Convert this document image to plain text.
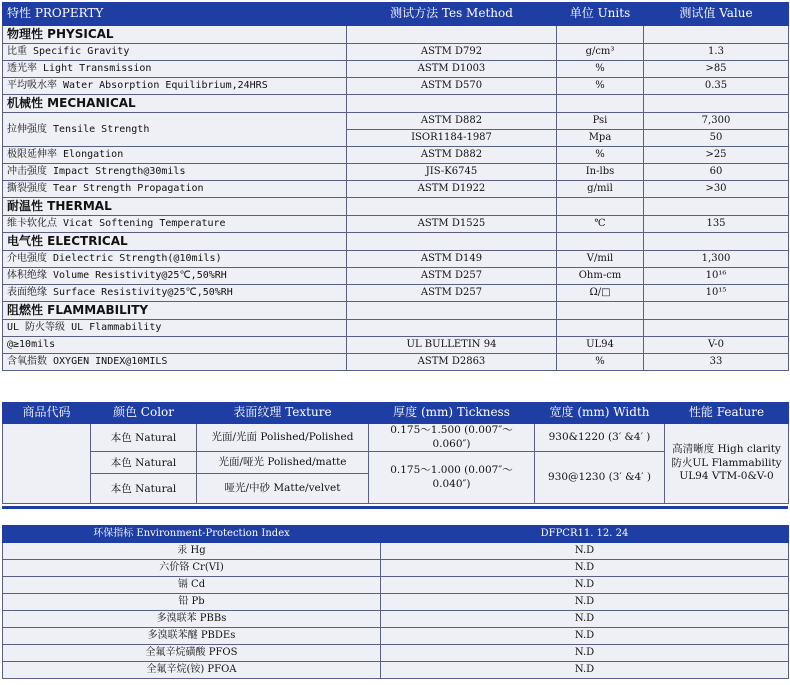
特性 PROPERTY	测试方法 Tes Method	单位 Units	测试值 Value
物理性 PHYSICAL			
比重 Specific Gravity	ASTM D792	g/cm³	1.3
透光率 Light Transmission	ASTM D1003	%	>85
平均吸水率 Water Absorption Equilibrium,24HRS	ASTM D570	%	0.35
机械性 MECHANICAL			
拉伸强度 Tensile Strength	ASTM D882	Psi	7,300
	ISOR1184-1987	Mpa	50
极限延伸率 Elongation	ASTM D882	%	>25
冲击强度 Impact Strength@30mils	JIS-K6745	In-lbs	60
撕裂强度 Tear Strength Propagation	ASTM D1922	g/mil	>30
耐温性 THERMAL			
维卡软化点 Vicat Softening Temperature	ASTM D1525	℃	135
电气性 ELECTRICAL			
介电强度 Dielectric Strength(@10mils)	ASTM D149	V/mil	1,300
体积绝缘 Volume Resistivity@25℃,50%RH	ASTM D257	Ohm-cm	10¹⁶
表面绝缘 Surface Resistivity@25℃,50%RH	ASTM D257	Ω/□	10¹⁵
阻燃性 FLAMMABILITY			
UL 防火等级 UL Flammability			
@≥10mils	UL BULLETIN 94	UL94	V-0
含氧指数 OXYGEN INDEX@10MILS	ASTM D2863	%	33
商品代码	颜色 Color	表面纹理 Texture	厚度 (mm) Tickness	宽度 (mm) Width	性能 Feature
	本色 Natural	光面/光面 Polished/Polished	0.175～1.500 (0.007″～0.060″)	930&1220 (3′ &4′ )	高清晰度 High clarity 防火UL Flammability UL94 VTM-0&V-0
	本色 Natural	光面/哑光 Polished/matte	0.175～1.000 (0.007″～0.040″)	930@1230 (3′ &4′ )	
	本色 Natural	哑光/中砂 Matte/velvet			
环保指标 Environment-Protection Index	DFPCR11. 12. 24
汞 Hg	N.D
六价铬 Cr(VI)	N.D
镉 Cd	N.D
铅 Pb	N.D
多溴联苯 PBBs	N.D
多溴联苯醚 PBDEs	N.D
全氟辛烷磺酸 PFOS	N.D
全氟辛烷(铵) PFOA	N.D
